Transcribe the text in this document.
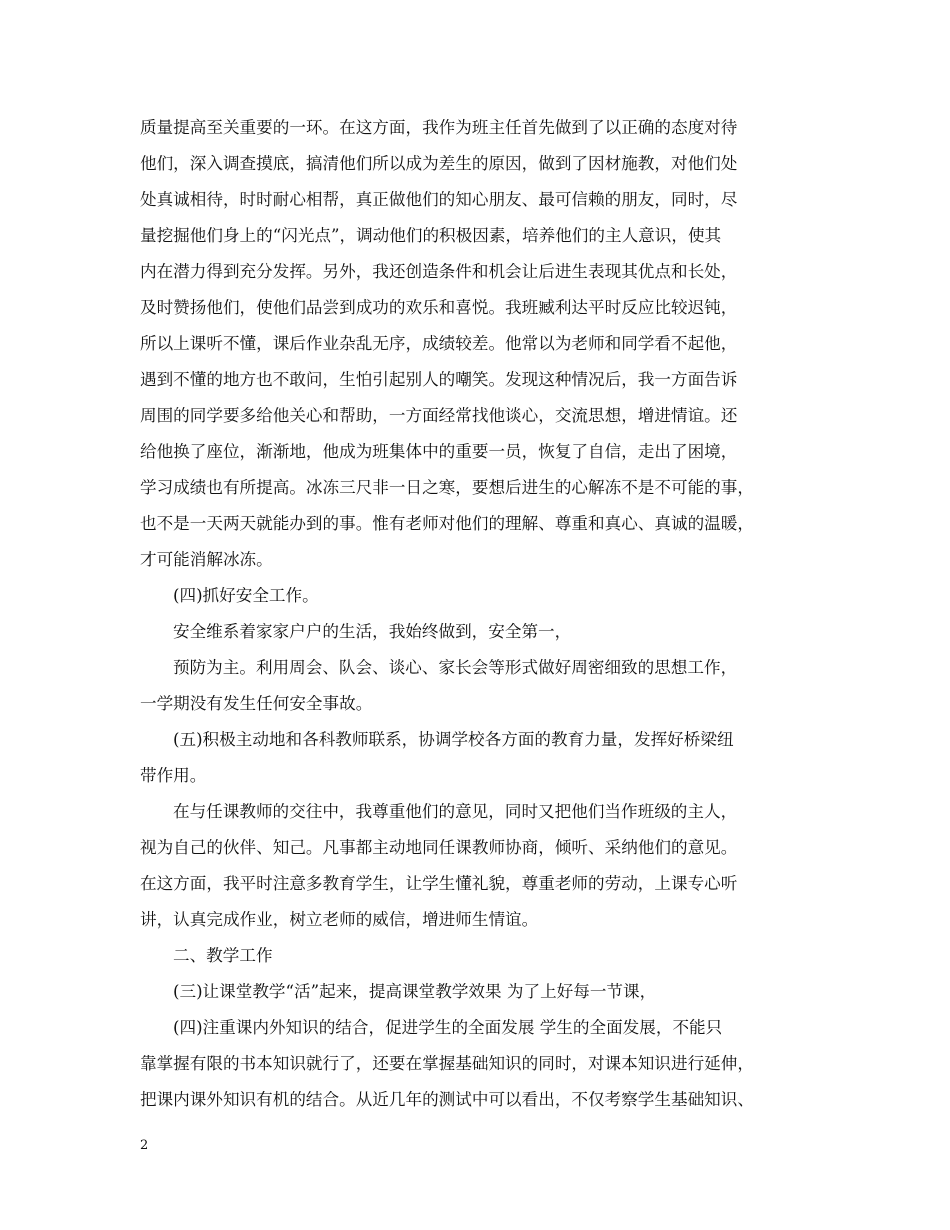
质量提高至关重要的一环。在这方面，我作为班主任首先做到了以正确的态度对待
他们，深入调查摸底，搞清他们所以成为差生的原因，做到了因材施教，对他们处
处真诚相待，时时耐心相帮，真正做他们的知心朋友、最可信赖的朋友，同时，尽
量挖掘他们身上的“闪光点”，调动他们的积极因素，培养他们的主人意识，使其
内在潜力得到充分发挥。另外，我还创造条件和机会让后进生表现其优点和长处，
及时赞扬他们，使他们品尝到成功的欢乐和喜悦。我班臧利达平时反应比较迟钝，
所以上课听不懂，课后作业杂乱无序，成绩较差。他常以为老师和同学看不起他，
遇到不懂的地方也不敢问，生怕引起别人的嘲笑。发现这种情况后，我一方面告诉
周围的同学要多给他关心和帮助，一方面经常找他谈心，交流思想，增进情谊。还
给他换了座位，渐渐地，他成为班集体中的重要一员，恢复了自信，走出了困境，
学习成绩也有所提高。冰冻三尺非一日之寒，要想后进生的心解冻不是不可能的事，
也不是一天两天就能办到的事。惟有老师对他们的理解、尊重和真心、真诚的温暖，
才可能消解冰冻。
(四)抓好安全工作。
安全维系着家家户户的生活，我始终做到，安全第一，
预防为主。利用周会、队会、谈心、家长会等形式做好周密细致的思想工作，
一学期没有发生任何安全事故。
(五)积极主动地和各科教师联系，协调学校各方面的教育力量，发挥好桥梁纽
带作用。
在与任课教师的交往中，我尊重他们的意见，同时又把他们当作班级的主人，
视为自己的伙伴、知己。凡事都主动地同任课教师协商，倾听、采纳他们的意见。
在这方面，我平时注意多教育学生，让学生懂礼貌，尊重老师的劳动，上课专心听
讲，认真完成作业，树立老师的威信，增进师生情谊。
二、教学工作
(三)让课堂教学“活”起来，提高课堂教学效果 为了上好每一节课，
(四)注重课内外知识的结合，促进学生的全面发展 学生的全面发展，不能只
靠掌握有限的书本知识就行了，还要在掌握基础知识的同时，对课本知识进行延伸，
把课内课外知识有机的结合。从近几年的测试中可以看出，不仅考察学生基础知识、
2
